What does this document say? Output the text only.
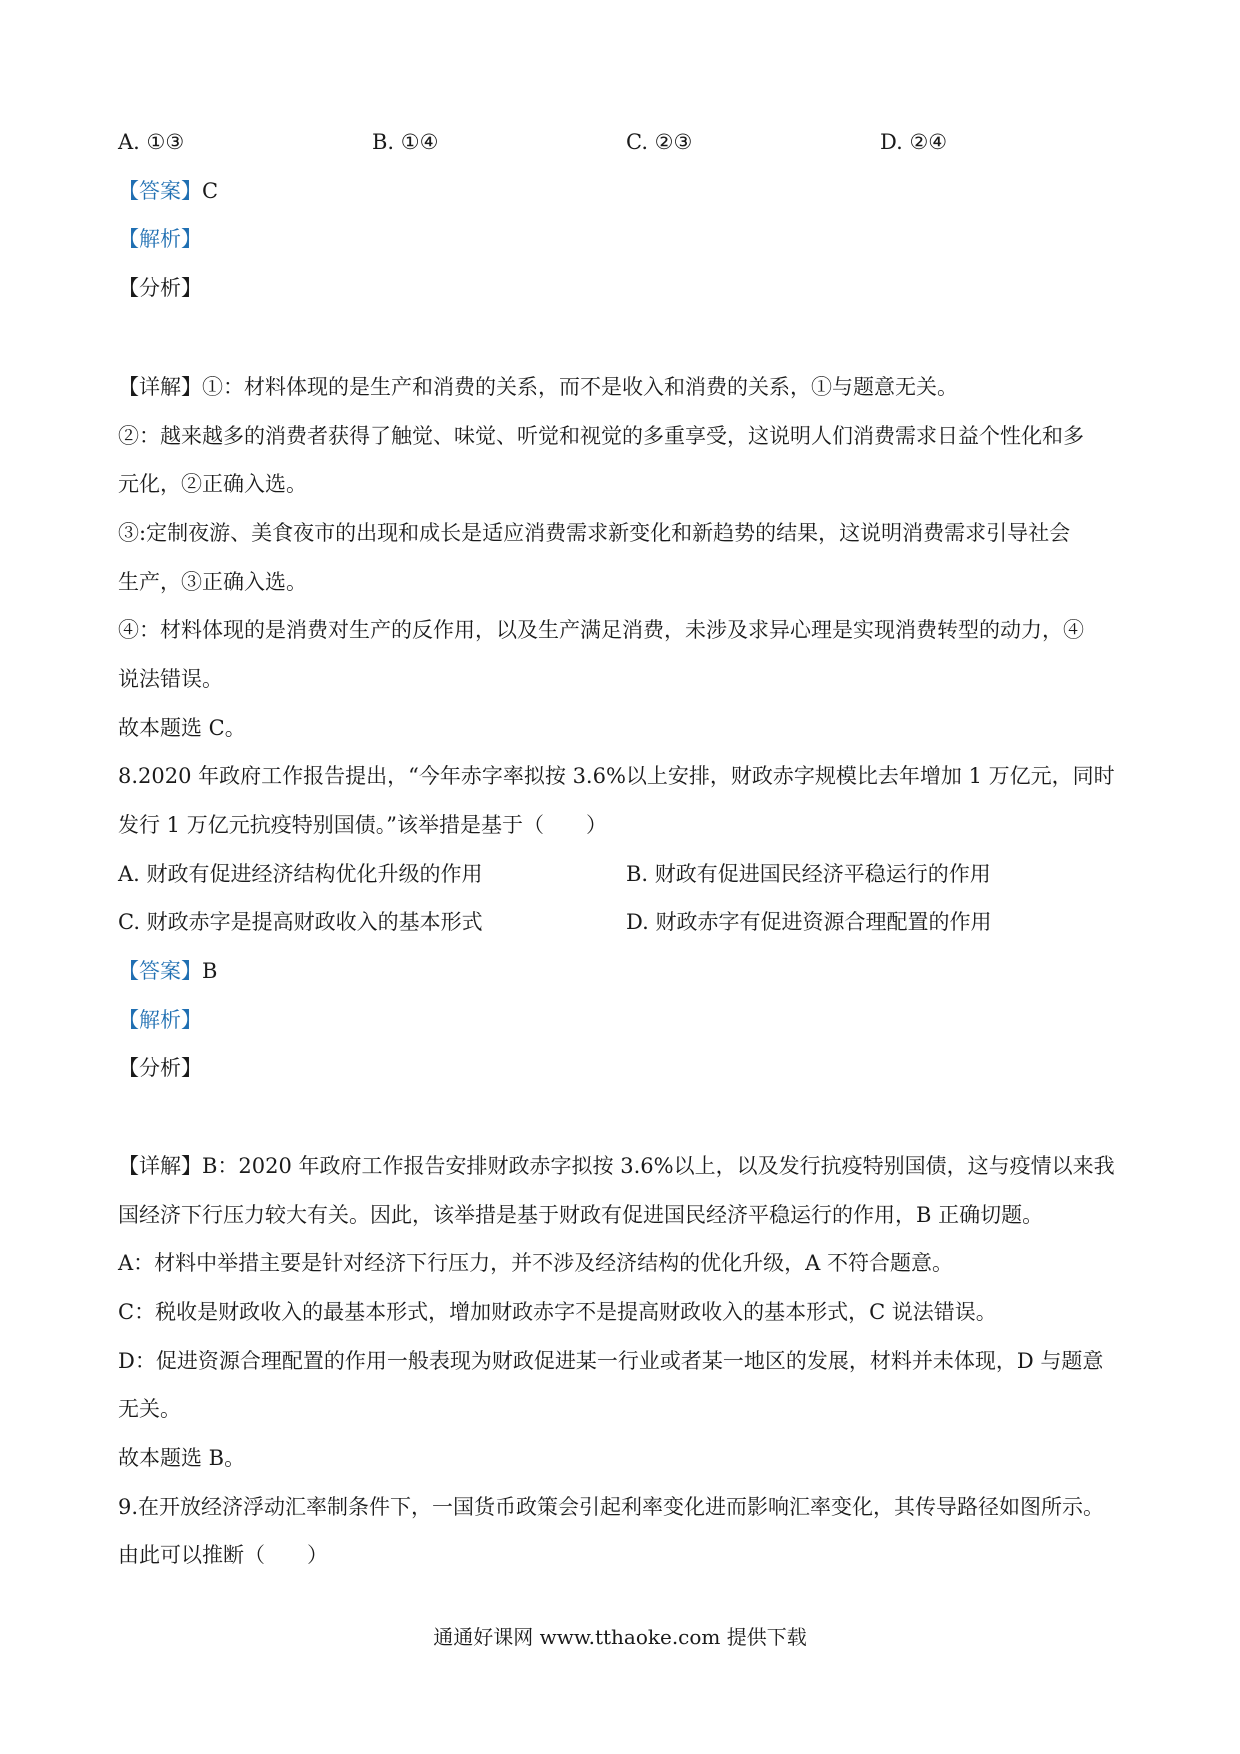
A. ①③	B. ①④	C. ②③	D. ②④
【答案】C
【解析】
【分析】
【详解】①：材料体现的是生产和消费的关系，而不是收入和消费的关系，①与题意无关。
②：越来越多的消费者获得了触觉、味觉、听觉和视觉的多重享受，这说明人们消费需求日益个性化和多
元化，②正确入选。
③:定制夜游、美食夜市的出现和成长是适应消费需求新变化和新趋势的结果，这说明消费需求引导社会
生产，③正确入选。
④：材料体现的是消费对生产的反作用，以及生产满足消费，未涉及求异心理是实现消费转型的动力，④
说法错误。
故本题选 C。
8.2020 年政府工作报告提出，“今年赤字率拟按 3.6%以上安排，财政赤字规模比去年增加 1 万亿元，同时
发行 1 万亿元抗疫特别国债。”该举措是基于（　　）
A. 财政有促进经济结构优化升级的作用	B. 财政有促进国民经济平稳运行的作用
C. 财政赤字是提高财政收入的基本形式	D. 财政赤字有促进资源合理配置的作用
【答案】B
【解析】
【分析】
【详解】B：2020 年政府工作报告安排财政赤字拟按 3.6%以上，以及发行抗疫特别国债，这与疫情以来我
国经济下行压力较大有关。因此，该举措是基于财政有促进国民经济平稳运行的作用，B 正确切题。
A：材料中举措主要是针对经济下行压力，并不涉及经济结构的优化升级，A 不符合题意。
C：税收是财政收入的最基本形式，增加财政赤字不是提高财政收入的基本形式，C 说法错误。
D：促进资源合理配置的作用一般表现为财政促进某一行业或者某一地区的发展，材料并未体现，D 与题意
无关。
故本题选 B。
9.在开放经济浮动汇率制条件下，一国货币政策会引起利率变化进而影响汇率变化，其传导路径如图所示。
由此可以推断（　　）
通通好课网 www.tthaoke.com 提供下载
